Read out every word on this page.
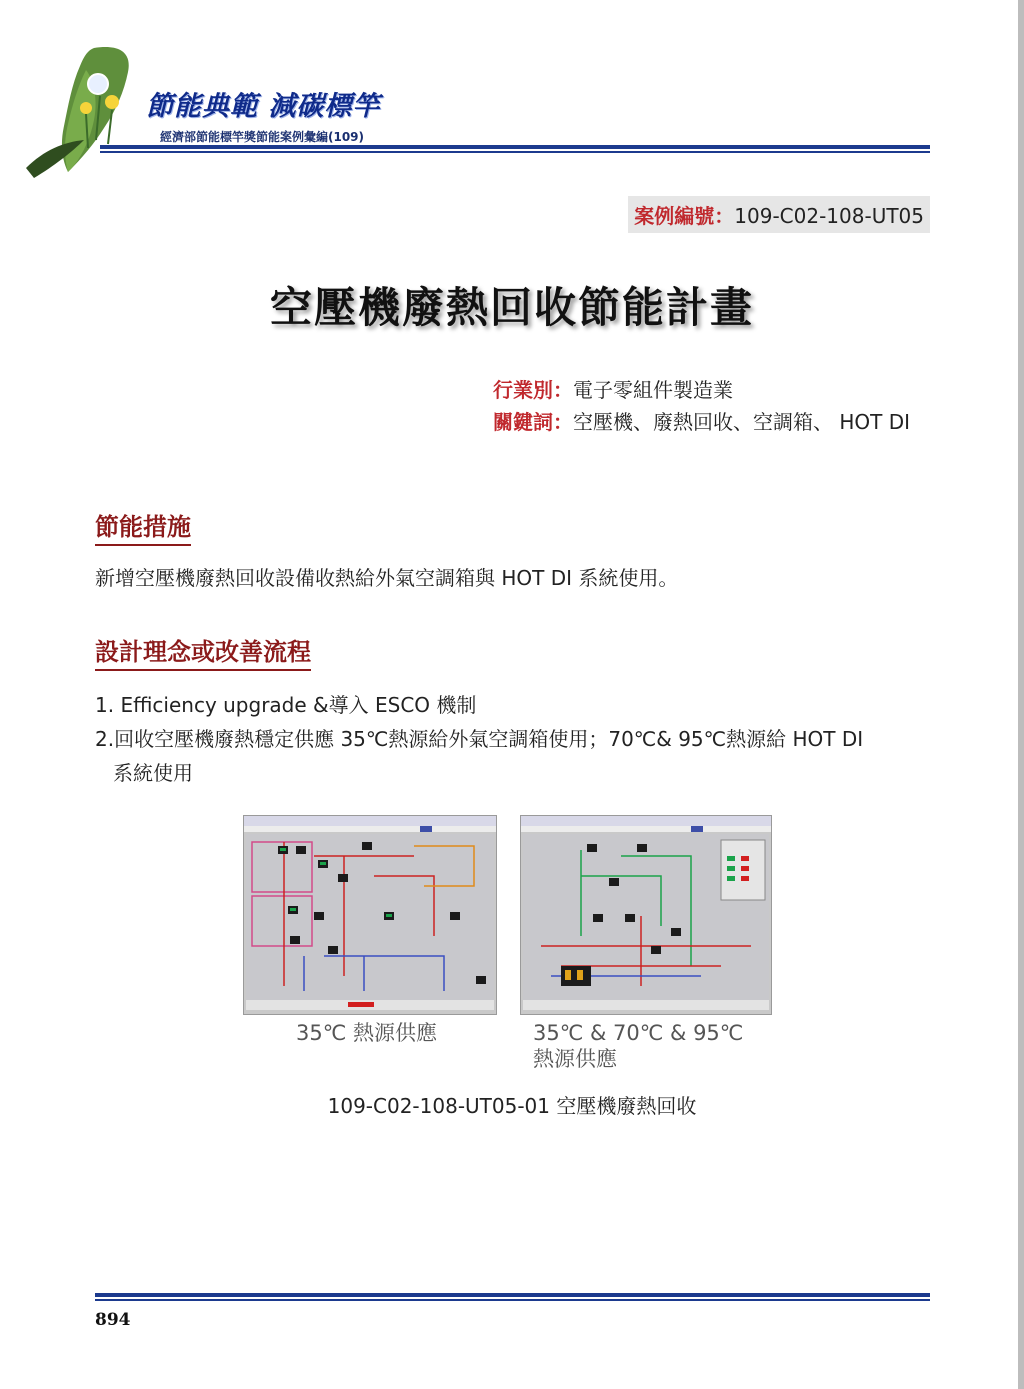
節能典範 減碳標竿
經濟部節能標竿獎節能案例彙編(109)
案例編號：109-C02-108-UT05
空壓機廢熱回收節能計畫
行業別： 電子零組件製造業
關鍵詞： 空壓機、廢熱回收、空調箱、 HOT DI
節能措施
新增空壓機廢熱回收設備收熱給外氣空調箱與 HOT DI 系統使用。
設計理念或改善流程
1. Efficiency upgrade &導入 ESCO 機制
2.回收空壓機廢熱穩定供應 35℃熱源給外氣空調箱使用；70℃& 95℃熱源給 HOT DI
系統使用
35℃ 熱源供應	35℃ & 70℃ & 95℃
熱源供應
109-C02-108-UT05-01 空壓機廢熱回收
894
